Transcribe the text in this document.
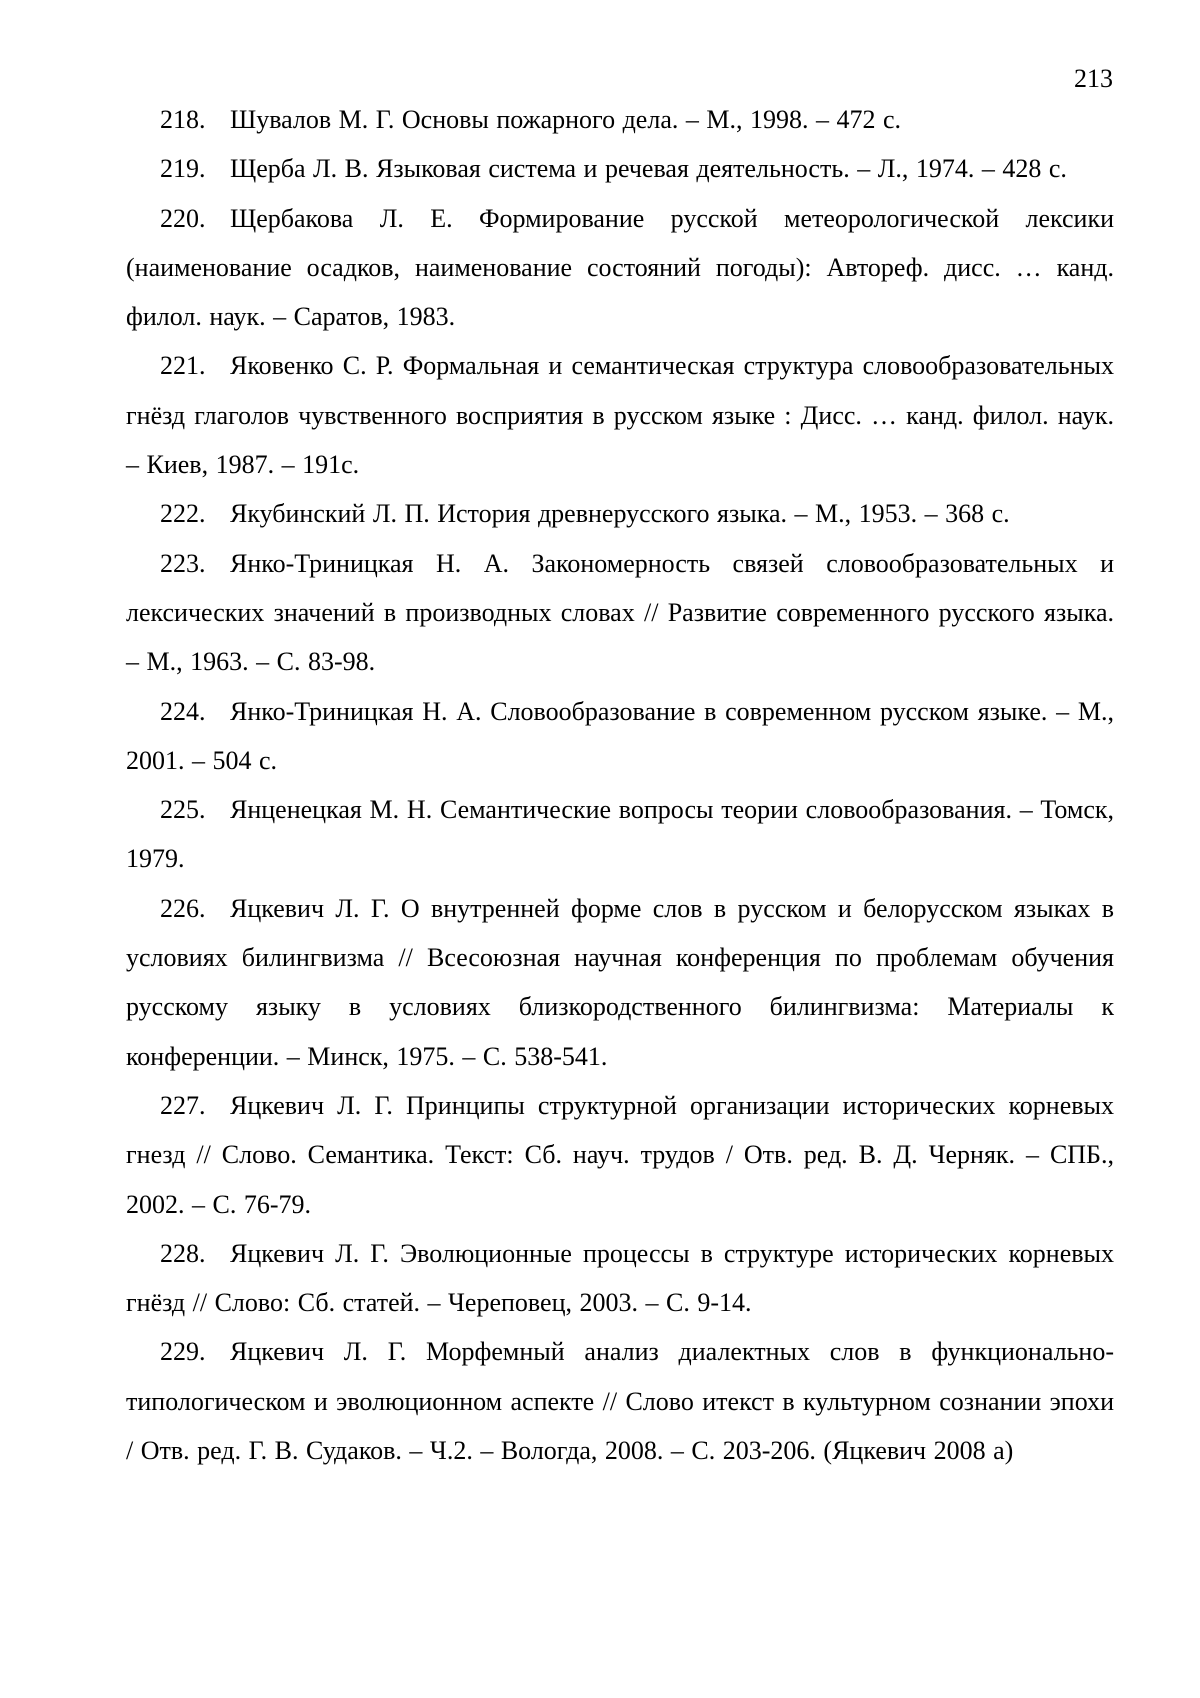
213

218. Шувалов М. Г. Основы пожарного дела. – М., 1998. – 472 с.

219. Щерба Л. В. Языковая система и речевая деятельность. – Л., 1974. – 428 с.

220. Щербакова Л. Е. Формирование русской метеорологической лексики (наименование осадков, наименование состояний погоды): Автореф. дисс. … канд. филол. наук. – Саратов, 1983.

221. Яковенко С. Р. Формальная и семантическая структура словообразовательных гнёзд глаголов чувственного восприятия в русском языке : Дисс. … канд. филол. наук. – Киев, 1987. – 191с.

222. Якубинский Л. П. История древнерусского языка. – М., 1953. – 368 с.

223. Янко-Триницкая Н. А. Закономерность связей словообразовательных и лексических значений в производных словах // Развитие современного русского языка. – М., 1963. – С. 83-98.

224. Янко-Триницкая Н. А. Словообразование в современном русском языке. – М., 2001. – 504 с.

225. Янценецкая М. Н. Семантические вопросы теории словообразования. – Томск, 1979.

226. Яцкевич Л. Г. О внутренней форме слов в русском и белорусском языках в условиях билингвизма // Всесоюзная научная конференция по проблемам обучения русскому языку в условиях близкородственного билингвизма: Материалы к конференции. – Минск, 1975. – С. 538-541.

227. Яцкевич Л. Г. Принципы структурной организации исторических корневых гнезд // Слово. Семантика. Текст: Сб. науч. трудов / Отв. ред. В. Д. Черняк. – СПБ., 2002. – С. 76-79.

228. Яцкевич Л. Г. Эволюционные процессы в структуре исторических корневых гнёзд // Слово: Сб. статей. – Череповец, 2003. – С. 9-14.

229. Яцкевич Л. Г. Морфемный анализ диалектных слов в функционально-типологическом и эволюционном аспекте // Слово итекст в культурном сознании эпохи / Отв. ред. Г. В. Судаков. – Ч.2. – Вологда, 2008. – С. 203-206. (Яцкевич 2008 а)
